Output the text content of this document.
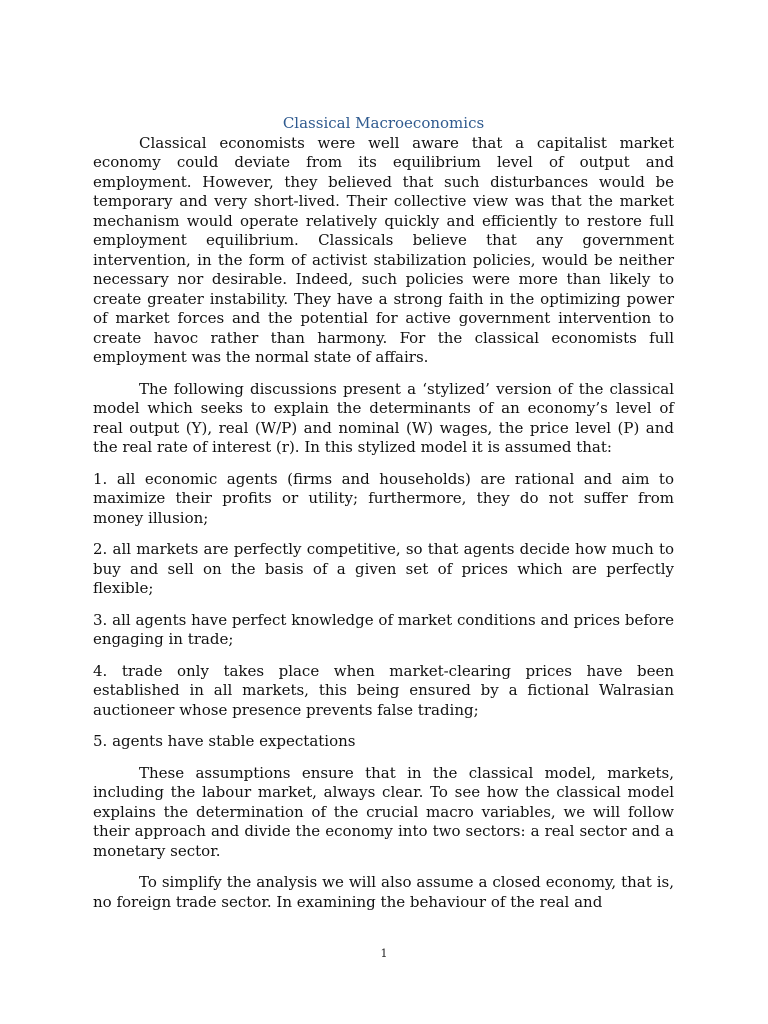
Classical Macroeconomics

Classical economists were well aware that a capitalist market economy could deviate from its equilibrium level of output and employment. However, they believed that such disturbances would be temporary and very short-lived. Their collective view was that the market mechanism would operate relatively quickly and efficiently to restore full employment equilibrium. Classicals believe that any government intervention, in the form of activist stabilization policies, would be neither necessary nor desirable. Indeed, such policies were more than likely to create greater instability. They have a strong faith in the optimizing power of market forces and the potential for active government intervention to create havoc rather than harmony. For the classical economists full employment was the normal state of affairs.

The following discussions present a ‘stylized’ version of the classical model which seeks to explain the determinants of an economy’s level of real output (Y), real (W/P) and nominal (W) wages, the price level (P) and the real rate of interest (r). In this stylized model it is assumed that:

1. all economic agents (firms and households) are rational and aim to maximize their profits or utility; furthermore, they do not suffer from money illusion;

2. all markets are perfectly competitive, so that agents decide how much to buy and sell on the basis of a given set of prices which are perfectly flexible;

3. all agents have perfect knowledge of market conditions and prices before engaging in trade;

4. trade only takes place when market-clearing prices have been established in all markets, this being ensured by a fictional Walrasian auctioneer whose presence prevents false trading;

5. agents have stable expectations

These assumptions ensure that in the classical model, markets, including the labour market, always clear. To see how the classical model explains the determination of the crucial macro variables, we will follow their approach and divide the economy into two sectors: a real sector and a monetary sector.

To simplify the analysis we will also assume a closed economy, that is, no foreign trade sector. In examining the behaviour of the real and

1
